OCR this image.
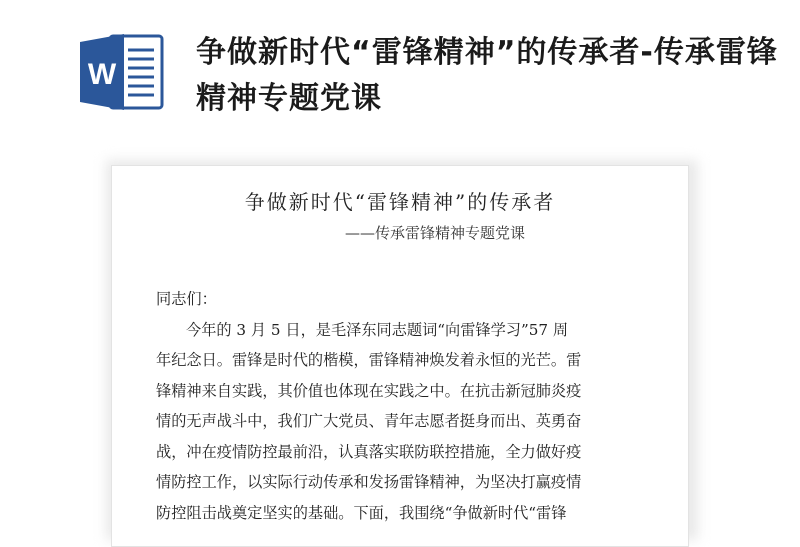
W
争做新时代“雷锋精神”的传承者-传承雷锋精神专题党课
争做新时代“雷锋精神”的传承者
——传承雷锋精神专题党课
同志们：
今年的 3 月 5 日，是毛泽东同志题词“向雷锋学习”57 周
年纪念日。雷锋是时代的楷模，雷锋精神焕发着永恒的光芒。雷
锋精神来自实践，其价值也体现在实践之中。在抗击新冠肺炎疫
情的无声战斗中，我们广大党员、青年志愿者挺身而出、英勇奋
战，冲在疫情防控最前沿，认真落实联防联控措施，全力做好疫
情防控工作，以实际行动传承和发扬雷锋精神，为坚决打赢疫情
防控阻击战奠定坚实的基础。下面，我围绕“争做新时代“雷锋
